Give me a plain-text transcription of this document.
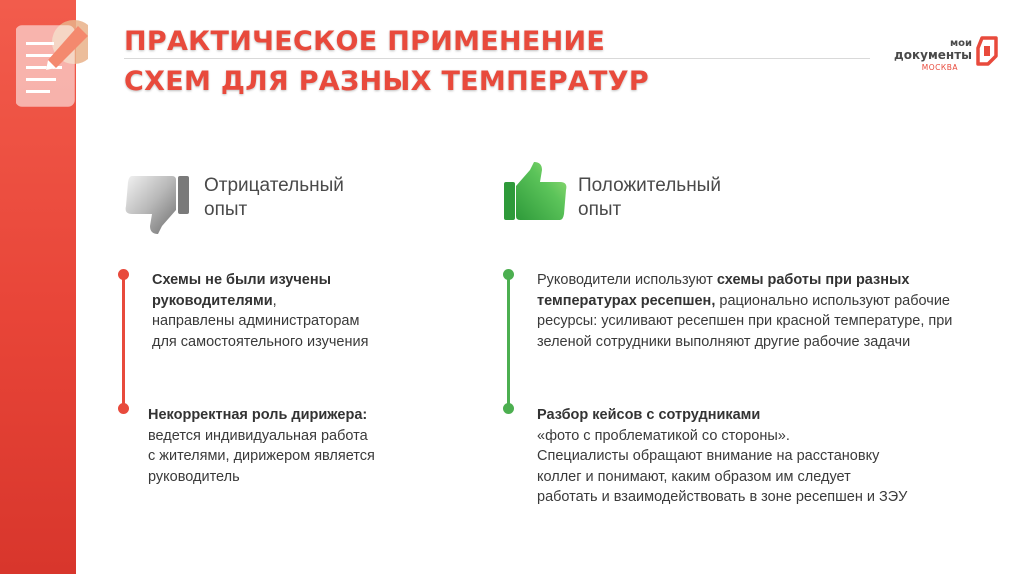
ПРАКТИЧЕСКОЕ ПРИМЕНЕНИЕ
СХЕМ ДЛЯ РАЗНЫХ ТЕМПЕРАТУР
мои
документы
МОСКВА
Отрицательный
опыт
Схемы не были изучены руководителями,
направлены администраторам
для самостоятельного изучения
Некорректная роль дирижера:
ведется индивидуальная работа
с жителями, дирижером является
руководитель
Положительный
опыт
Руководители используют схемы работы при разных температурах ресепшен, рационально используют рабочие ресурсы: усиливают ресепшен при красной температуре, при зеленой сотрудники выполняют другие рабочие задачи
Разбор кейсов с сотрудниками
«фото с проблематикой со стороны».
Специалисты обращают внимание на расстановку
коллег и понимают, каким образом им следует
работать и взаимодействовать в зоне ресепшен и ЗЭУ
